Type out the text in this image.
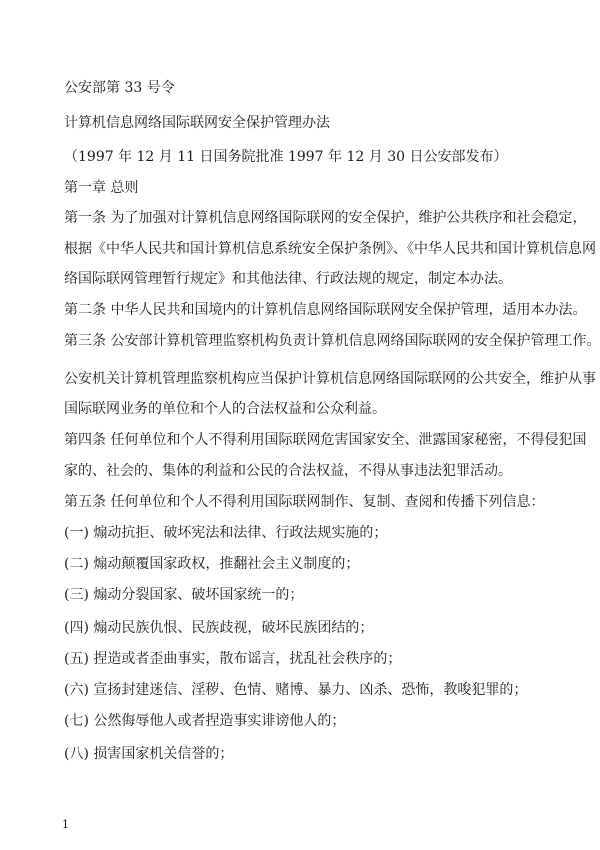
公安部第 33 号令
计算机信息网络国际联网安全保护管理办法
（1997 年 12 月 11 日国务院批准 1997 年 12 月 30 日公安部发布）
第一章 总则
第一条 为了加强对计算机信息网络国际联网的安全保护，维护公共秩序和社会稳定，
根据《中华人民共和国计算机信息系统安全保护条例》、《中华人民共和国计算机信息网
络国际联网管理暂行规定》和其他法律、行政法规的规定，制定本办法。
第二条 中华人民共和国境内的计算机信息网络国际联网安全保护管理，适用本办法。
第三条 公安部计算机管理监察机构负责计算机信息网络国际联网的安全保护管理工作。
公安机关计算机管理监察机构应当保护计算机信息网络国际联网的公共安全，维护从事
国际联网业务的单位和个人的合法权益和公众利益。
第四条 任何单位和个人不得利用国际联网危害国家安全、泄露国家秘密，不得侵犯国
家的、社会的、集体的利益和公民的合法权益，不得从事违法犯罪活动。
第五条 任何单位和个人不得利用国际联网制作、复制、查阅和传播下列信息：
(一) 煽动抗拒、破坏宪法和法律、行政法规实施的；
(二) 煽动颠覆国家政权，推翻社会主义制度的；
(三) 煽动分裂国家、破坏国家统一的；
(四) 煽动民族仇恨、民族歧视，破坏民族团结的；
(五) 捏造或者歪曲事实，散布谣言，扰乱社会秩序的；
(六) 宣扬封建迷信、淫秽、色情、赌博、暴力、凶杀、恐怖，教唆犯罪的；
(七) 公然侮辱他人或者捏造事实诽谤他人的；
(八) 损害国家机关信誉的；
1
